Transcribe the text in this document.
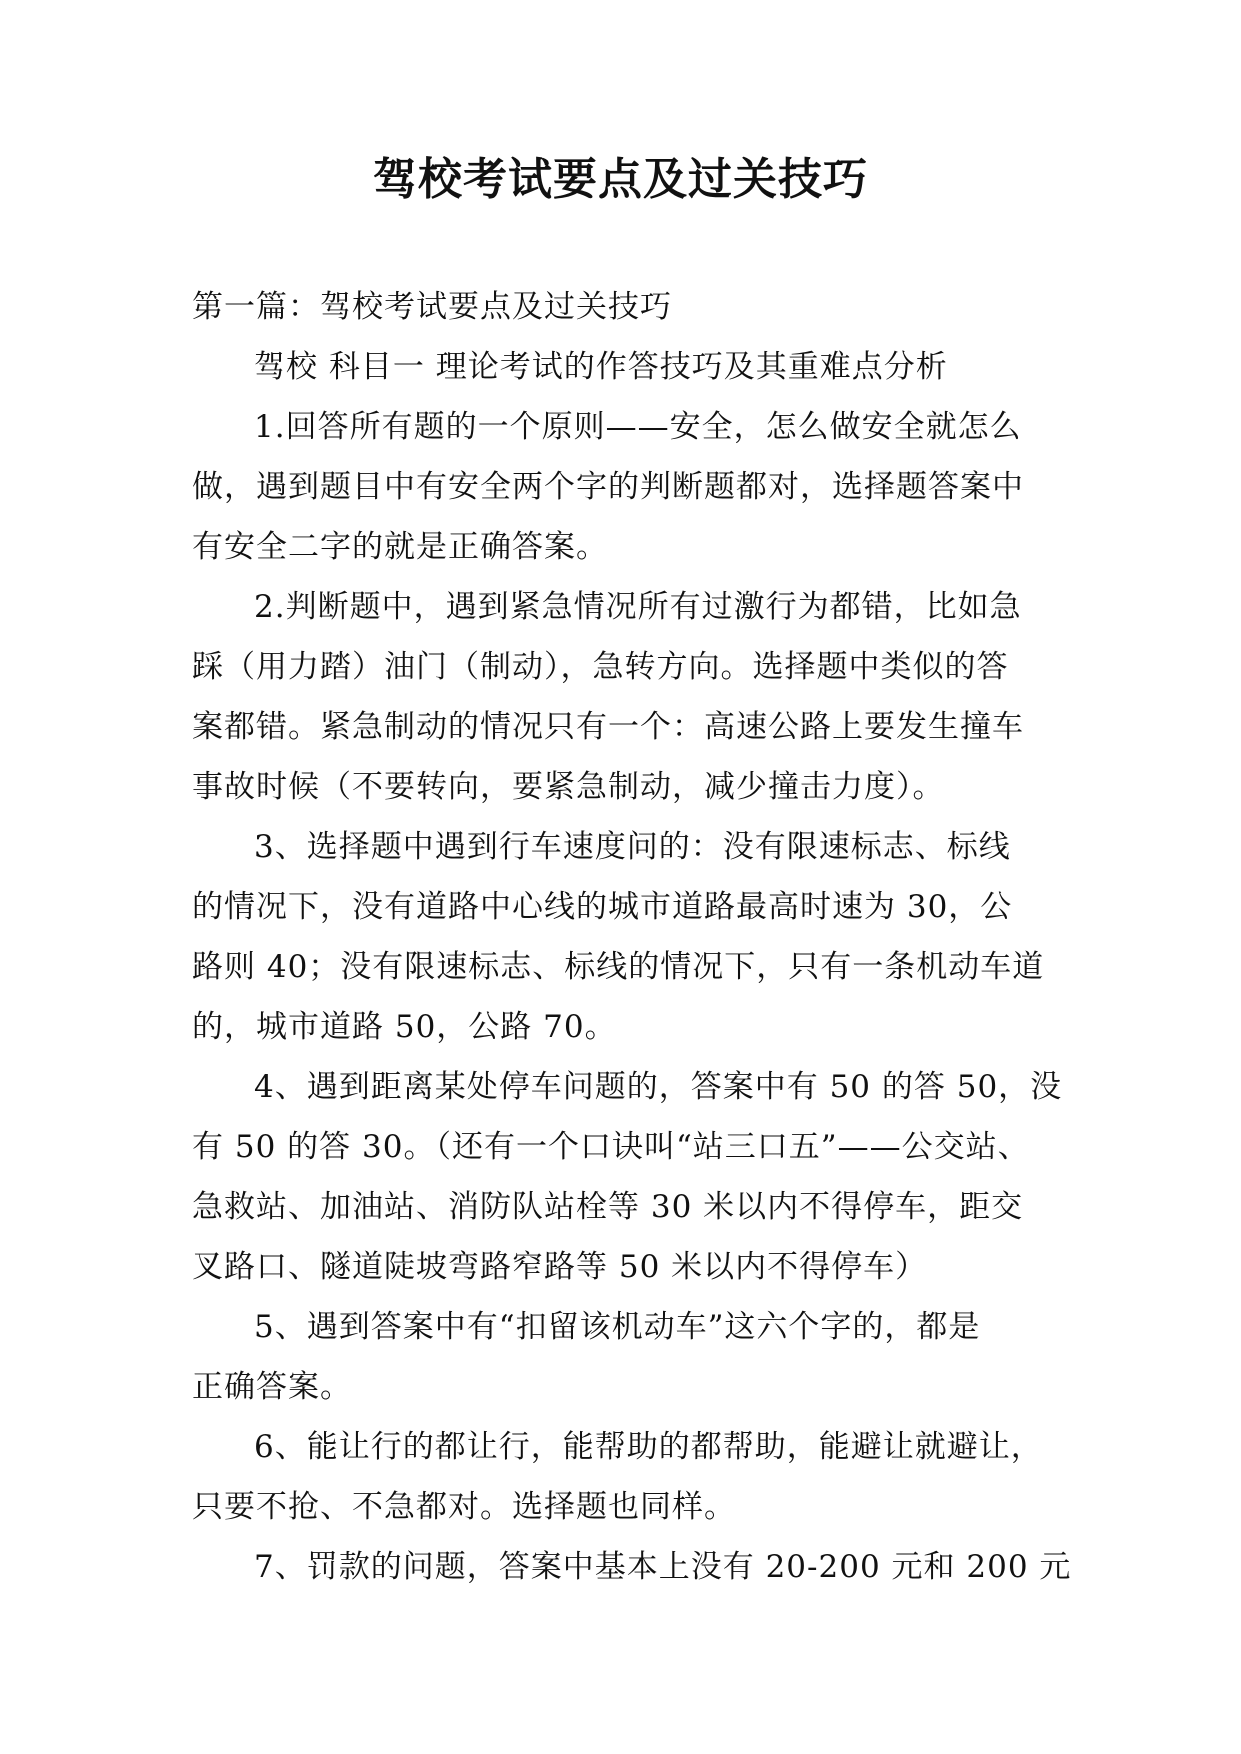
驾校考试要点及过关技巧

第一篇：驾校考试要点及过关技巧

驾校 科目一 理论考试的作答技巧及其重难点分析

1.回答所有题的一个原则——安全，怎么做安全就怎么

做，遇到题目中有安全两个字的判断题都对，选择题答案中

有安全二字的就是正确答案。

2.判断题中，遇到紧急情况所有过激行为都错，比如急

踩（用力踏）油门（制动），急转方向。选择题中类似的答

案都错。紧急制动的情况只有一个：高速公路上要发生撞车

事故时候（不要转向，要紧急制动，减少撞击力度）。

3、选择题中遇到行车速度问的：没有限速标志、标线

的情况下，没有道路中心线的城市道路最高时速为 30，公

路则 40；没有限速标志、标线的情况下，只有一条机动车道

的，城市道路 50，公路 70。

4、遇到距离某处停车问题的，答案中有 50 的答 50，没

有 50 的答 30。（还有一个口诀叫“站三口五”——公交站、

急救站、加油站、消防队站栓等 30 米以内不得停车，距交

叉路口、隧道陡坡弯路窄路等 50 米以内不得停车）

5、遇到答案中有“扣留该机动车”这六个字的，都是

正确答案。

6、能让行的都让行，能帮助的都帮助，能避让就避让，

只要不抢、不急都对。选择题也同样。

7、罚款的问题，答案中基本上没有 20-200 元和 200 元
